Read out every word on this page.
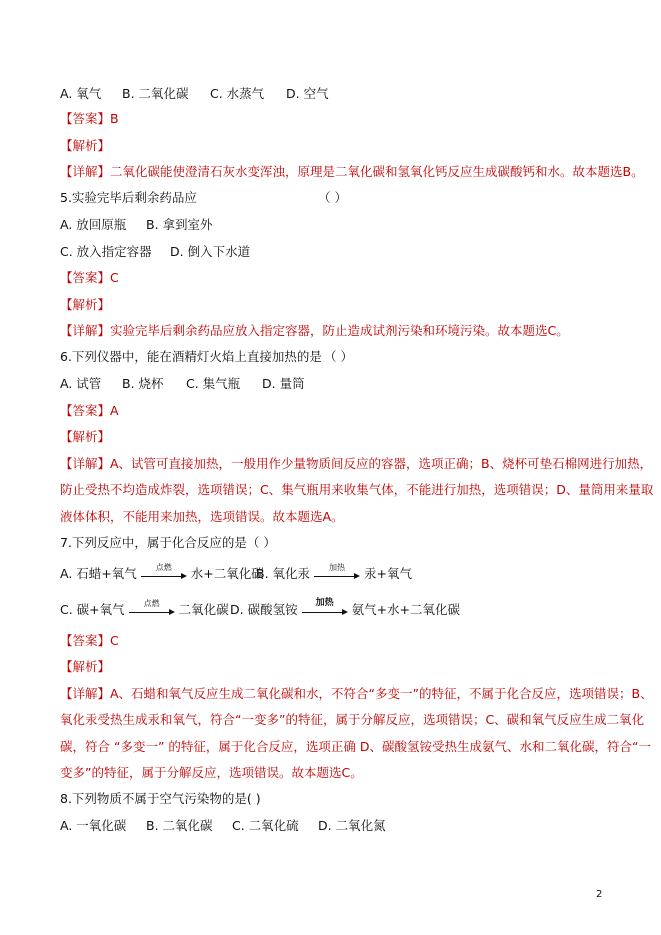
A. 氧气 B. 二氧化碳 C. 水蒸气 D. 空气
【答案】B
【解析】
【详解】二氧化碳能使澄清石灰水变浑浊，原理是二氧化碳和氢氧化钙反应生成碳酸钙和水。故本题选B。
5.实验完毕后剩余药品应	（ ）
A. 放回原瓶 B. 拿到室外
C. 放入指定容器 D. 倒入下水道
【答案】C
【解析】
【详解】实验完毕后剩余药品应放入指定容器，防止造成试剂污染和环境污染。故本题选C。
6.下列仪器中，能在酒精灯火焰上直接加热的是 （ ）
A. 试管 B. 烧杯 C. 集气瓶 D. 量筒
【答案】A
【解析】
【详解】A、试管可直接加热，一般用作少量物质间反应的容器，选项正确；B、烧杯可垫石棉网进行加热，
防止受热不均造成炸裂，选项错误；C、集气瓶用来收集气体，不能进行加热，选项错误；D、量筒用来量取
液体体积，不能用来加热，选项错误。故本题选A。
7.下列反应中，属于化合反应的是（ ）
A. 石蜡+氧气	点燃	水+二氧化碳
B. 氧化汞	加热	汞+氧气
C. 碳+氧气	点燃	二氧化碳 D. 碳酸氢铵	加热	氨气+水+二氧化碳
【答案】C
【解析】
【详解】A、石蜡和氧气反应生成二氧化碳和水，不符合“多变一”的特征，不属于化合反应，选项错误；B、
氧化汞受热生成汞和氧气，符合“一变多”的特征，属于分解反应，选项错误；C、碳和氧气反应生成二氧化
碳，符合 “多变一” 的特征，属于化合反应，选项正确 D、碳酸氢铵受热生成氨气、水和二氧化碳，符合“一
变多”的特征，属于分解反应，选项错误。故本题选C。
8.下列物质不属于空气污染物的是( )
A. 一氧化碳 B. 二氧化碳 C. 二氧化硫 D. 二氧化氮
2
